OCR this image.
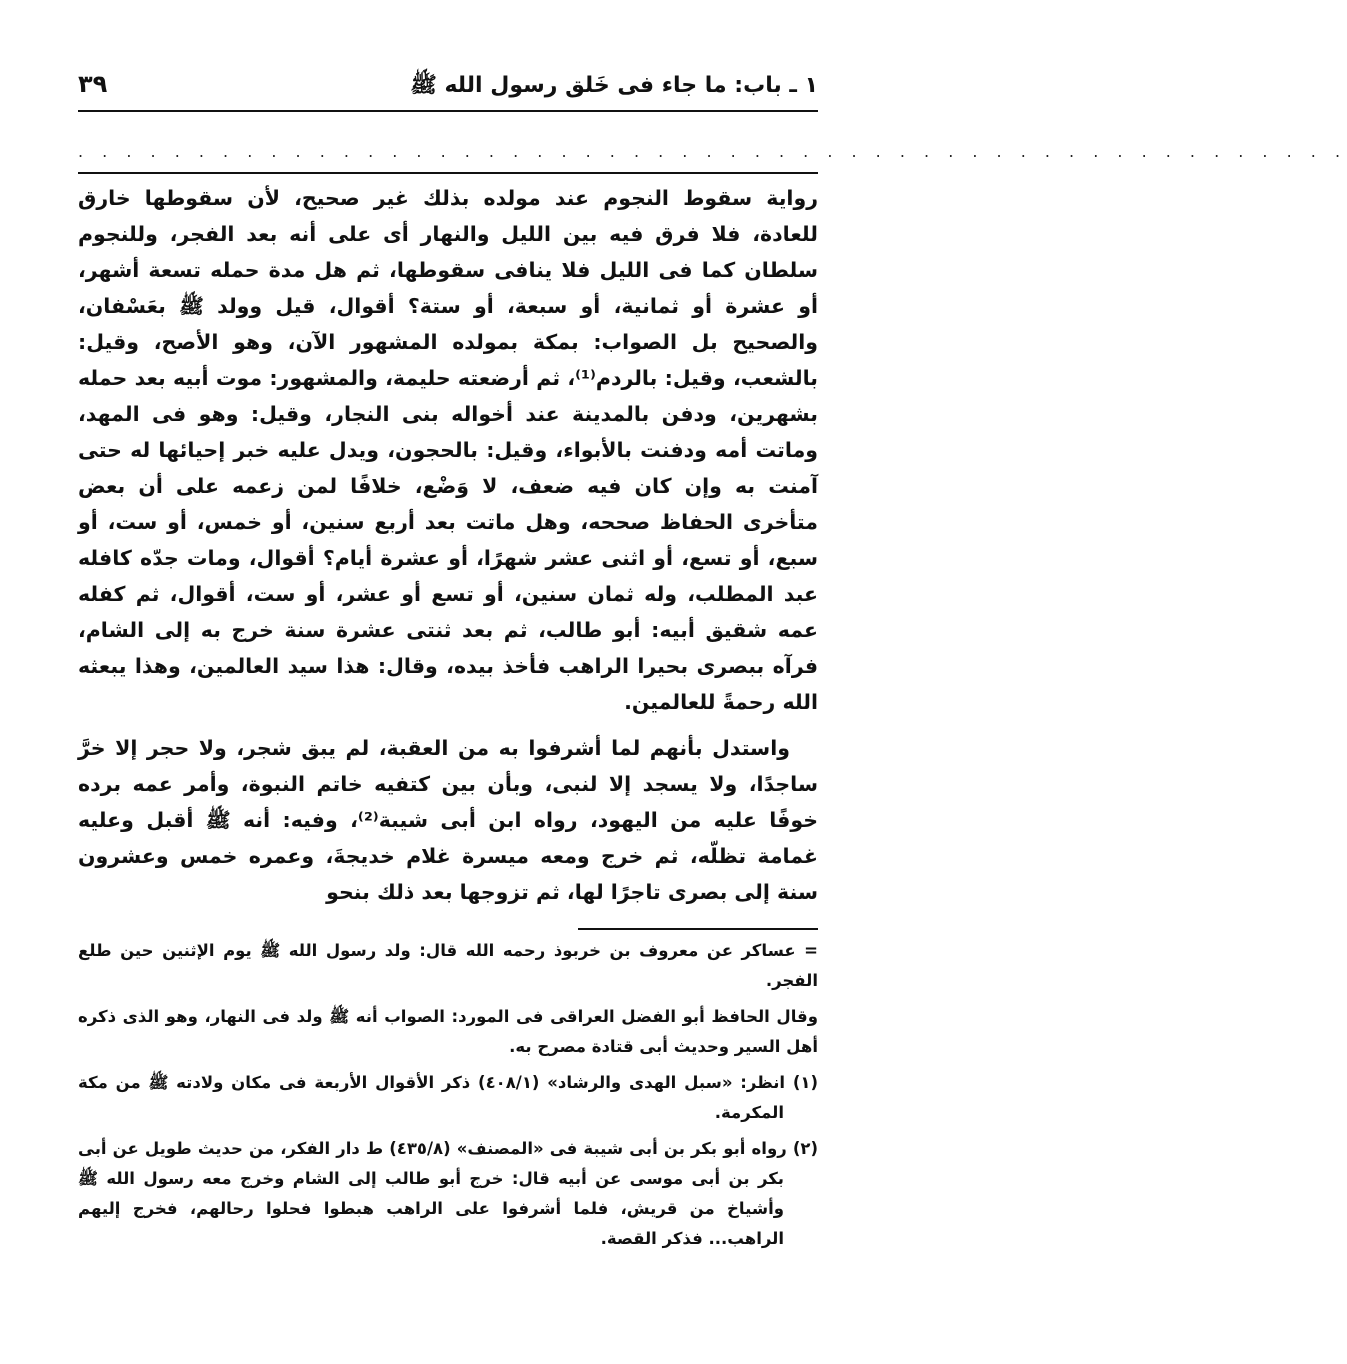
١ ـ باب: ما جاء فى خَلق رسول الله ﷺ
٣٩
. . . . . . . . . . . . . . . . . . . . . . . . . . . . . . . . . . . . . . . . . . . . . . . . . . . . .

رواية سقوط النجوم عند مولده بذلك غير صحيح، لأن سقوطها خارق للعادة، فلا فرق فيه بين الليل والنهار أى على أنه بعد الفجر، وللنجوم سلطان كما فى الليل فلا ينافى سقوطها، ثم هل مدة حمله تسعة أشهر، أو عشرة أو ثمانية، أو سبعة، أو ستة؟ أقوال، قيل وولد ﷺ بعَسْفان، والصحيح بل الصواب: بمكة بمولده المشهور الآن، وهو الأصح، وقيل: بالشعب، وقيل: بالردم⁽¹⁾، ثم أرضعته حليمة، والمشهور: موت أبيه بعد حمله بشهرين، ودفن بالمدينة عند أخواله بنى النجار، وقيل: وهو فى المهد، وماتت أمه ودفنت بالأبواء، وقيل: بالحجون، ويدل عليه خبر إحيائها له حتى آمنت به وإن كان فيه ضعف، لا وَضْع، خلافًا لمن زعمه على أن بعض متأخرى الحفاظ صححه، وهل ماتت بعد أربع سنين، أو خمس، أو ست، أو سبع، أو تسع، أو اثنى عشر شهرًا، أو عشرة أيام؟ أقوال، ومات جدّه كافله عبد المطلب، وله ثمان سنين، أو تسع أو عشر، أو ست، أقوال، ثم كفله عمه شقيق أبيه: أبو طالب، ثم بعد ثنتى عشرة سنة خرج به إلى الشام، فرآه ببصرى بحيرا الراهب فأخذ بيده، وقال: هذا سيد العالمين، وهذا يبعثه الله رحمةً للعالمين.

واستدل بأنهم لما أشرفوا به من العقبة، لم يبق شجر، ولا حجر إلا خرَّ ساجدًا، ولا يسجد إلا لنبى، وبأن بين كتفيه خاتم النبوة، وأمر عمه برده خوفًا عليه من اليهود، رواه ابن أبى شيبة⁽²⁾، وفيه: أنه ﷺ أقبل وعليه غمامة تظلّه، ثم خرج ومعه ميسرة غلام خديجةَ، وعمره خمس وعشرون سنة إلى بصرى تاجرًا لها، ثم تزوجها بعد ذلك بنحو

= عساكر عن معروف بن خربوذ رحمه الله قال: ولد رسول الله ﷺ يوم الإثنين حين طلع الفجر.

وقال الحافظ أبو الفضل العراقى فى المورد: الصواب أنه ﷺ ولد فى النهار، وهو الذى ذكره أهل السير وحديث أبى قتادة مصرح به.

(١) انظر: «سبل الهدى والرشاد» (٤٠٨/١) ذكر الأقوال الأربعة فى مكان ولادته ﷺ من مكة المكرمة.

(٢) رواه أبو بكر بن أبى شيبة فى «المصنف» (٤٣٥/٨) ط دار الفكر، من حديث طويل عن أبى بكر بن أبى موسى عن أبيه قال: خرج أبو طالب إلى الشام وخرج معه رسول الله ﷺ وأشياخ من قريش، فلما أشرفوا على الراهب هبطوا فحلوا رحالهم، فخرج إليهم الراهب... فذكر القصة.
